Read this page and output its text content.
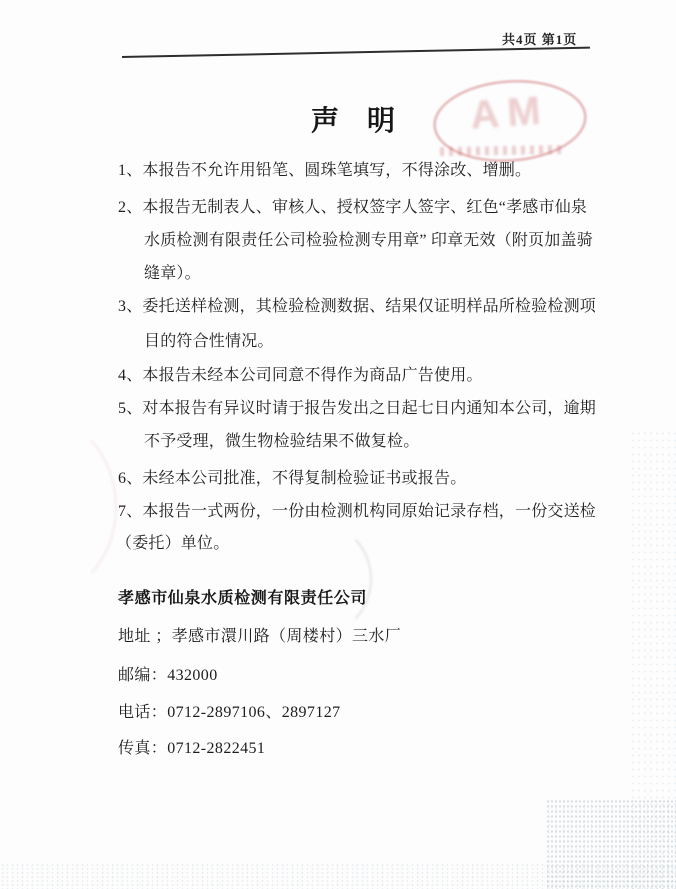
共4页 第1页
声　明	AM
1、本报告不允许用铅笔、圆珠笔填写，不得涂改、增删。
2、本报告无制表人、审核人、授权签字人签字、红色“孝感市仙泉
水质检测有限责任公司检验检测专用章” 印章无效（附页加盖骑
缝章）。
3、委托送样检测，其检验检测数据、结果仅证明样品所检验检测项
目的符合性情况。
4、本报告未经本公司同意不得作为商品广告使用。
5、对本报告有异议时请于报告发出之日起七日内通知本公司，逾期
不予受理，微生物检验结果不做复检。
6、未经本公司批准，不得复制检验证书或报告。
7、本报告一式两份，一份由检测机构同原始记录存档，一份交送检
（委托）单位。
孝感市仙泉水质检测有限责任公司
地址 ；孝感市澴川路（周楼村）三水厂
邮编：432000
电话：0712-2897106、2897127
传真：0712-2822451
